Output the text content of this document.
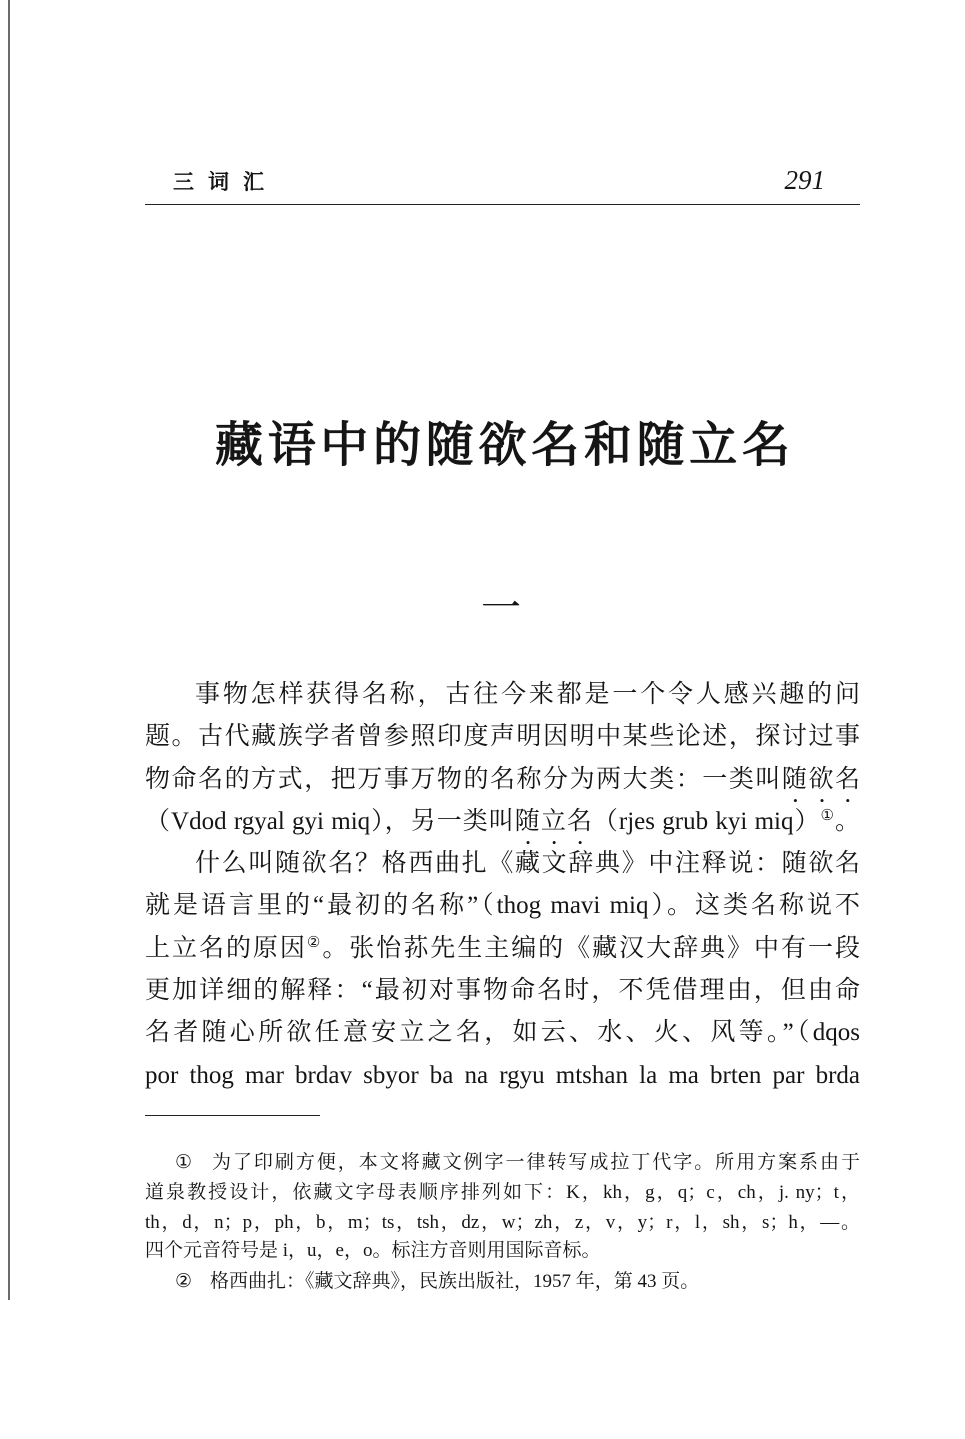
三词汇	291
藏语中的随欲名和随立名
一
事物怎样获得名称，古往今来都是一个令人感兴趣的问
题。古代藏族学者曾参照印度声明因明中某些论述，探讨过事
物命名的方式，把万事万物的名称分为两大类：一类叫随欲名
（Vdod rgyal gyi miq），另一类叫随立名（rjes grub kyi miq）①。
什么叫随欲名？格西曲扎《藏文辞典》中注释说：随欲名
就是语言里的“最初的名称”（thog mavi miq）。这类名称说不
上立名的原因②。张怡荪先生主编的《藏汉大辞典》中有一段
更加详细的解释：“最初对事物命名时，不凭借理由，但由命
名者随心所欲任意安立之名，如云、水、火、风等。”（dqos
por thog mar brdav sbyor ba na rgyu mtshan la ma brten par brda
① 为了印刷方便，本文将藏文例字一律转写成拉丁代字。所用方案系由于
道泉教授设计，依藏文字母表顺序排列如下：K，kh，g，q；c，ch，j. ny；t，
th，d，n；p，ph，b，m；ts，tsh，dz，w；zh，z，v，y；r，l，sh，s；h，—。
四个元音符号是 i，u，e，o。标注方音则用国际音标。
② 格西曲扎：《藏文辞典》，民族出版社，1957 年，第 43 页。
